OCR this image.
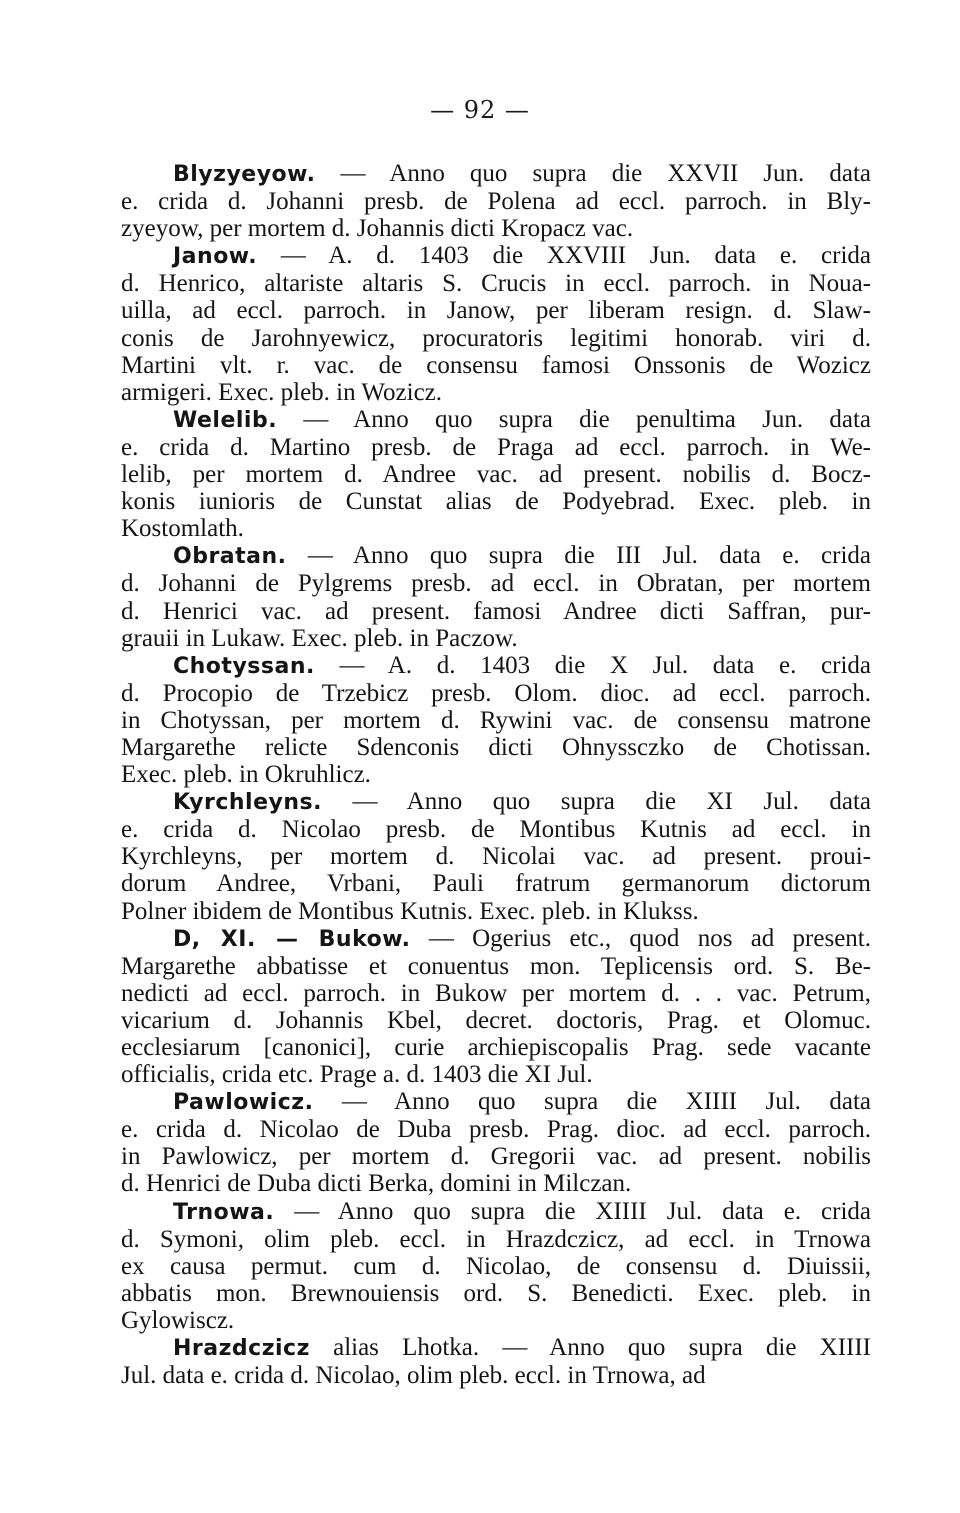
— 92 —
Blyzyeyow. — Anno quo supra die XXVII Jun. data
e. crida d. Johanni presb. de Polena ad eccl. parroch. in Bly-
zyeyow, per mortem d. Johannis dicti Kropacz vac.
Janow. — A. d. 1403 die XXVIII Jun. data e. crida
d. Henrico, altariste altaris S. Crucis in eccl. parroch. in Noua-
uilla, ad eccl. parroch. in Janow, per liberam resign. d. Slaw-
conis de Jarohnyewicz, procuratoris legitimi honorab. viri d.
Martini vlt. r. vac. de consensu famosi Onssonis de Wozicz
armigeri. Exec. pleb. in Wozicz.
Welelib. — Anno quo supra die penultima Jun. data
e. crida d. Martino presb. de Praga ad eccl. parroch. in We-
lelib, per mortem d. Andree vac. ad present. nobilis d. Bocz-
konis iunioris de Cunstat alias de Podyebrad. Exec. pleb. in
Kostomlath.
Obratan. — Anno quo supra die III Jul. data e. crida
d. Johanni de Pylgrems presb. ad eccl. in Obratan, per mortem
d. Henrici vac. ad present. famosi Andree dicti Saffran, pur-
grauii in Lukaw. Exec. pleb. in Paczow.
Chotyssan. — A. d. 1403 die X Jul. data e. crida
d. Procopio de Trzebicz presb. Olom. dioc. ad eccl. parroch.
in Chotyssan, per mortem d. Rywini vac. de consensu matrone
Margarethe relicte Sdenconis dicti Ohnyssczko de Chotissan.
Exec. pleb. in Okruhlicz.
Kyrchleyns. — Anno quo supra die XI Jul. data
e. crida d. Nicolao presb. de Montibus Kutnis ad eccl. in
Kyrchleyns, per mortem d. Nicolai vac. ad present. proui-
dorum Andree, Vrbani, Pauli fratrum germanorum dictorum
Polner ibidem de Montibus Kutnis. Exec. pleb. in Klukss.
D, XI. — Bukow. — Ogerius etc., quod nos ad present.
Margarethe abbatisse et conuentus mon. Teplicensis ord. S. Be-
nedicti ad eccl. parroch. in Bukow per mortem d. . . vac. Petrum,
vicarium d. Johannis Kbel, decret. doctoris, Prag. et Olomuc.
ecclesiarum [canonici], curie archiepiscopalis Prag. sede vacante
officialis, crida etc. Prage a. d. 1403 die XI Jul.
Pawlowicz. — Anno quo supra die XIIII Jul. data
e. crida d. Nicolao de Duba presb. Prag. dioc. ad eccl. parroch.
in Pawlowicz, per mortem d. Gregorii vac. ad present. nobilis
d. Henrici de Duba dicti Berka, domini in Milczan.
Trnowa. — Anno quo supra die XIIII Jul. data e. crida
d. Symoni, olim pleb. eccl. in Hrazdczicz, ad eccl. in Trnowa
ex causa permut. cum d. Nicolao, de consensu d. Diuissii,
abbatis mon. Brewnouiensis ord. S. Benedicti. Exec. pleb. in
Gylowiscz.
Hrazdczicz alias Lhotka. — Anno quo supra die XIIII
Jul. data e. crida d. Nicolao, olim pleb. eccl. in Trnowa, ad
